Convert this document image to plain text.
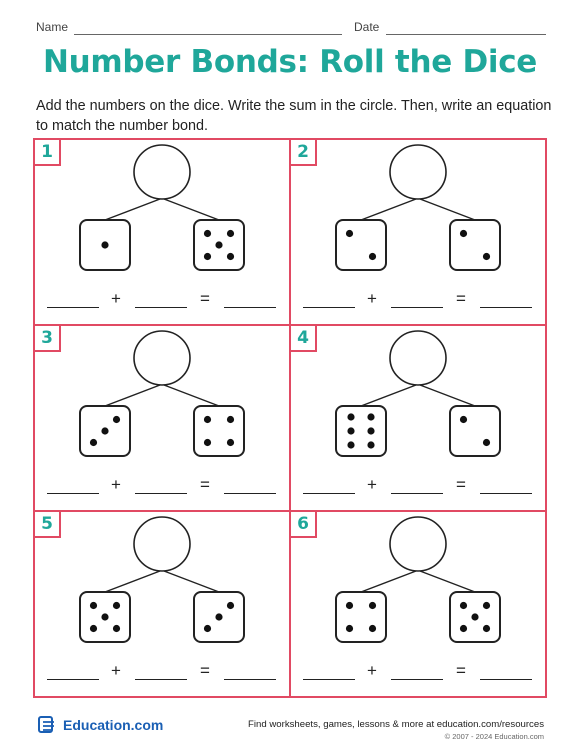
Name	Date
Number Bonds: Roll the Dice
Add the numbers on the dice. Write the sum in the circle. Then, write an equation to match the number bond.
1
+	=
2
+	=
3
+	=
4
+	=
5
+	=
6
+	=
Education.com	Find worksheets, games, lessons & more at education.com/resources
© 2007 - 2024 Education.com
